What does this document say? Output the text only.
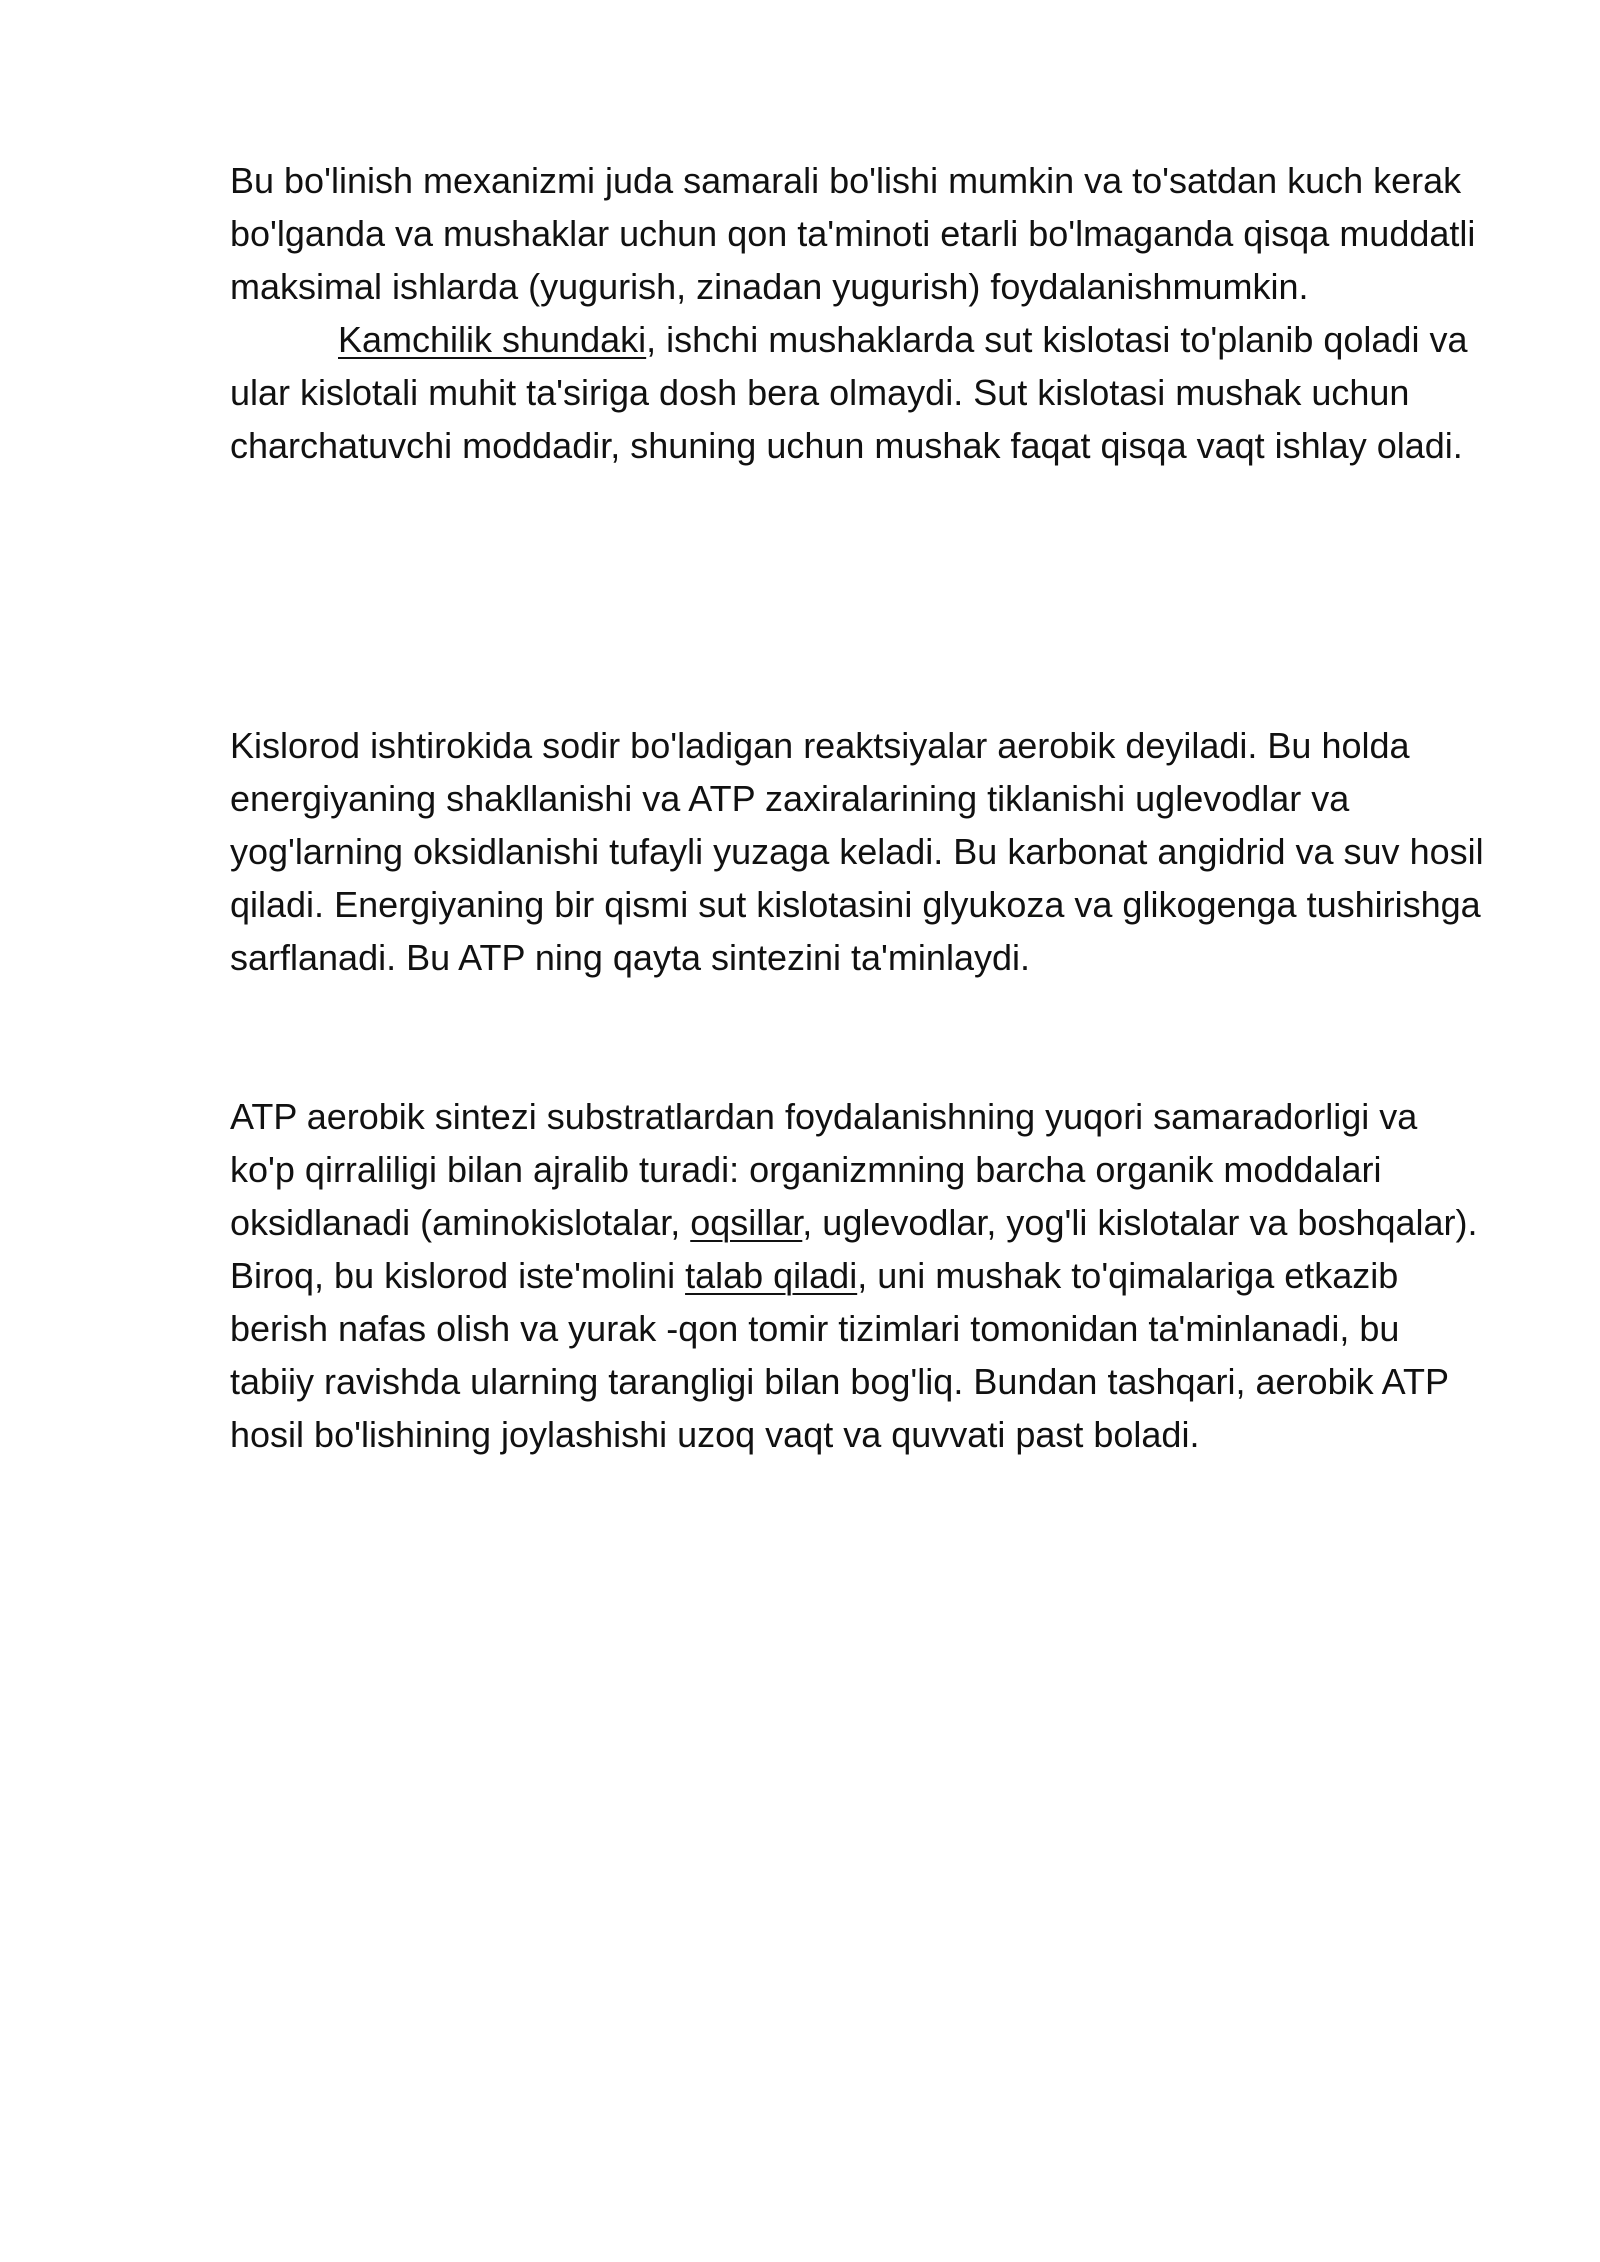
Bu bo'linish mexanizmi juda samarali bo'lishi mumkin va to'satdan kuch kerak bo'lganda va mushaklar uchun qon ta'minoti etarli bo'lmaganda qisqa muddatli maksimal ishlarda (yugurish, zinadan yugurish) foydalanishmumkin.

Kamchilik shundaki, ishchi mushaklarda sut kislotasi to'planib qoladi va ular kislotali muhit ta'siriga dosh bera olmaydi. Sut kislotasi mushak uchun charchatuvchi moddadir, shuning uchun mushak faqat qisqa vaqt ishlay oladi.

Kislorod ishtirokida sodir bo'ladigan reaktsiyalar aerobik deyiladi. Bu holda energiyaning shakllanishi va ATP zaxiralarining tiklanishi uglevodlar va yog'larning oksidlanishi tufayli yuzaga keladi. Bu karbonat angidrid va suv hosil qiladi. Energiyaning bir qismi sut kislotasini glyukoza va glikogenga tushirishga sarflanadi. Bu ATP ning qayta sintezini ta'minlaydi.

ATP aerobik sintezi substratlardan foydalanishning yuqori samaradorligi va ko'p qirraliligi bilan ajralib turadi: organizmning barcha organik moddalari oksidlanadi (aminokislotalar, oqsillar, uglevodlar, yog'li kislotalar va boshqalar).

Biroq, bu kislorod iste'molini talab qiladi, uni mushak to'qimalariga etkazib berish nafas olish va yurak -qon tomir tizimlari tomonidan ta'minlanadi, bu tabiiy ravishda ularning tarangligi bilan bog'liq. Bundan tashqari, aerobik ATP hosil bo'lishining joylashishi uzoq vaqt va quvvati past boladi.
